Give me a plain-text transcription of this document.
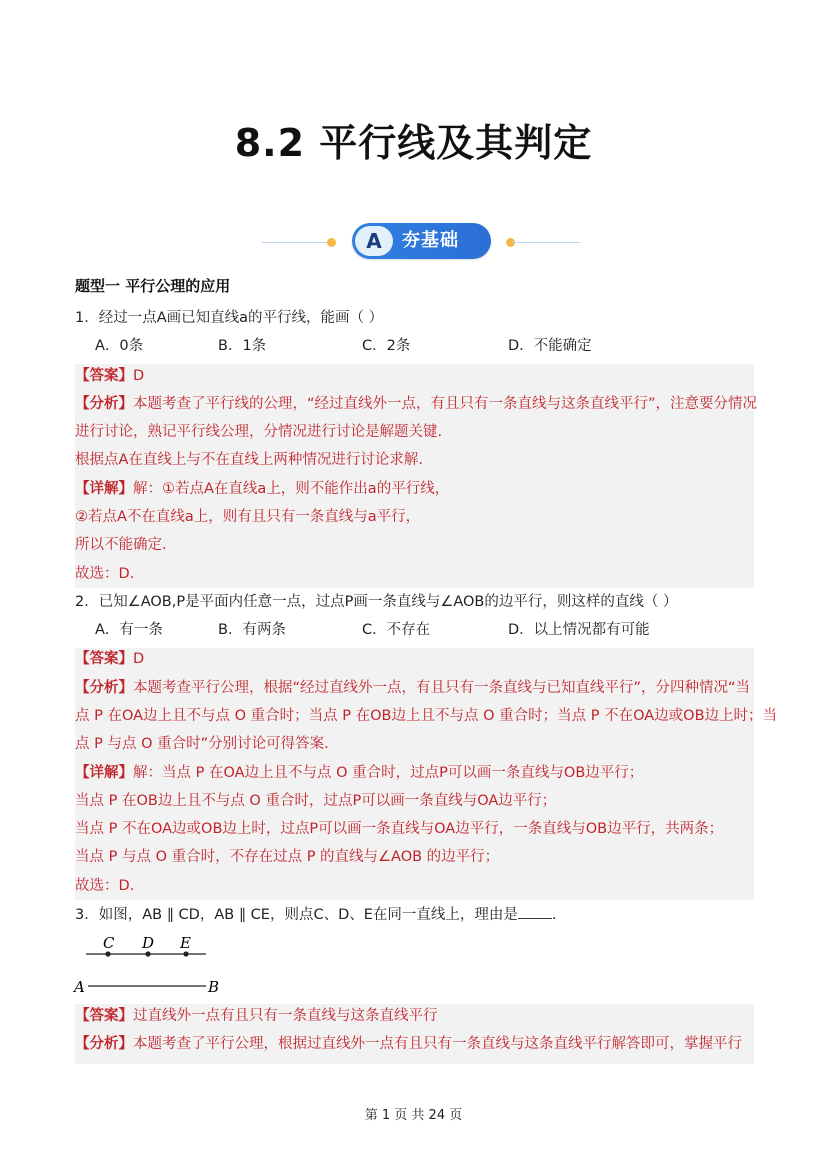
8.2 平行线及其判定
A	夯基础
题型一 平行公理的应用
1．经过一点A画已知直线a的平行线，能画（ ）
A．0条	B．1条	C．2条	D．不能确定
【答案】D
【分析】本题考查了平行线的公理，“经过直线外一点，有且只有一条直线与这条直线平行”，注意要分情况
进行讨论，熟记平行线公理，分情况进行讨论是解题关键.
根据点A在直线上与不在直线上两种情况进行讨论求解.
【详解】解：①若点A在直线a上，则不能作出a的平行线，
②若点A不在直线a上，则有且只有一条直线与a平行，
所以不能确定.
故选：D.
2．已知∠AOB,P是平面内任意一点，过点P画一条直线与∠AOB的边平行，则这样的直线（ ）
A．有一条	B．有两条	C．不存在	D．以上情况都有可能
【答案】D
【分析】本题考查平行公理，根据“经过直线外一点，有且只有一条直线与已知直线平行”，分四种情况“当
点 P 在OA边上且不与点 O 重合时；当点 P 在OB边上且不与点 O 重合时；当点 P 不在OA边或OB边上时；当
点 P 与点 O 重合时”分别讨论可得答案.
【详解】解：当点 P 在OA边上且不与点 O 重合时，过点P可以画一条直线与OB边平行；
当点 P 在OB边上且不与点 O 重合时，过点P可以画一条直线与OA边平行；
当点 P 不在OA边或OB边上时，过点P可以画一条直线与OA边平行，一条直线与OB边平行，共两条；
当点 P 与点 O 重合时，不存在过点 P 的直线与∠AOB 的边平行；
故选：D.
3．如图，AB ∥ CD，AB ∥ CE，则点C、D、E在同一直线上，理由是 .
C D E
A	B
【答案】过直线外一点有且只有一条直线与这条直线平行
【分析】本题考查了平行公理，根据过直线外一点有且只有一条直线与这条直线平行解答即可，掌握平行
第 1 页 共 24 页
